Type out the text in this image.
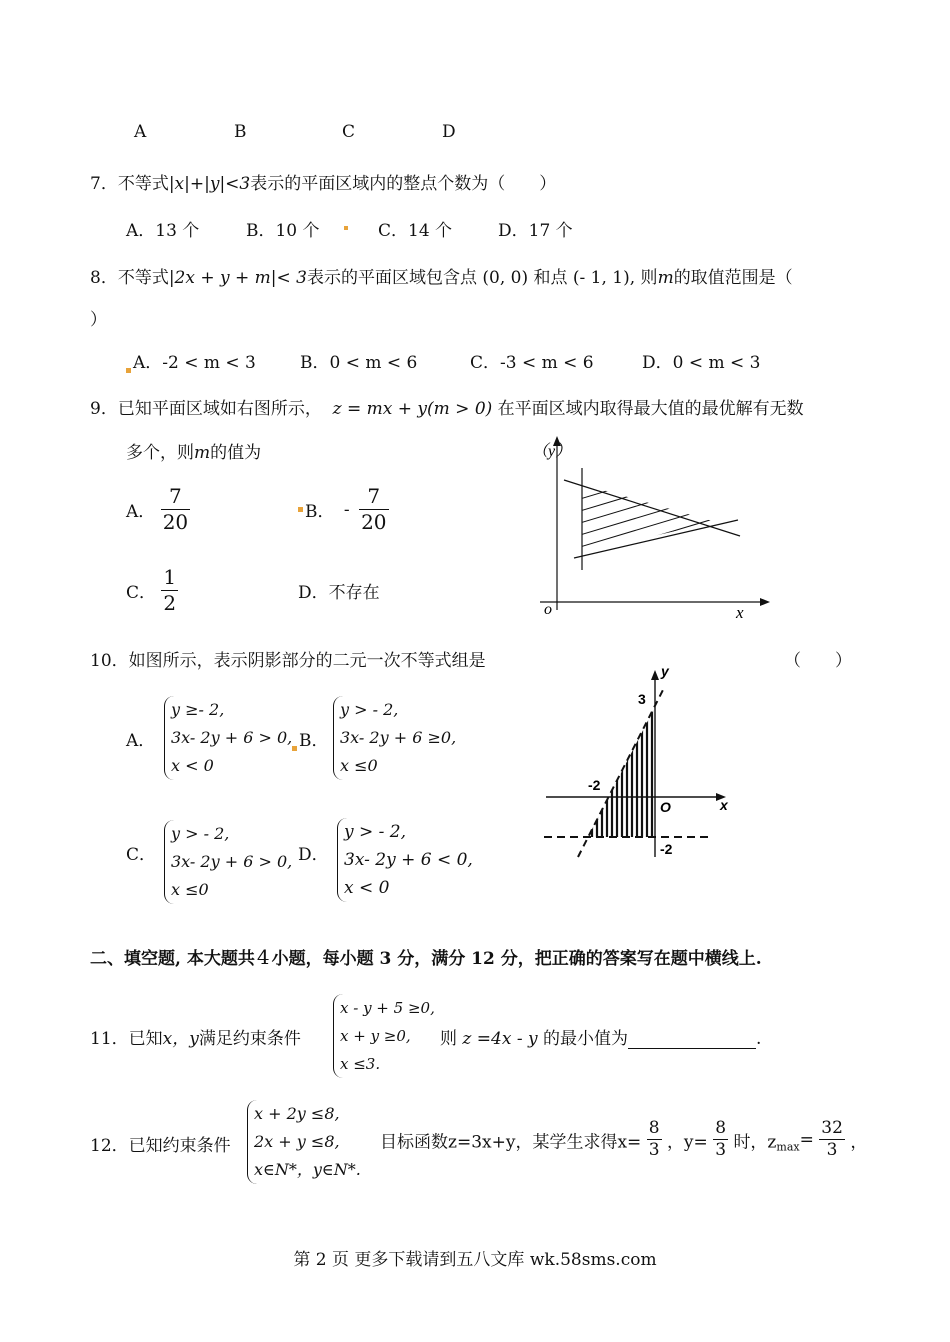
A	B	C	D
7．不等式|x|+|y|<3表示的平面区域内的整点个数为（　　）
A．13 个	B．10 个	C．14 个	D．17 个
8．不等式|2x + y + m|< 3表示的平面区域包含点 (0, 0) 和点 (- 1, 1), 则m的取值范围是（
）
A．-2 < m < 3	B．0 < m < 6	C．-3 < m < 6	D．0 < m < 3
9．已知平面区域如右图所示， z = mx + y(m > 0) 在平面区域内取得最大值的最优解有无数
多个，则m的值为
A． $\frac{7}{20}$	B． - $\frac{7}{20}$
C． $\frac{1}{2}$	D．不存在
（y）
x
o
10．如图所示，表示阴影部分的二元一次不等式组是	（　　）
A．
y ≥- 2,
3x- 2y + 6 > 0,
x < 0
B．
y > - 2,
3x- 2y + 6 ≥0,
x ≤0
C．
y > - 2,
3x- 2y + 6 > 0,
x ≤0
D．
y > - 2,
3x- 2y + 6 < 0,
x < 0
3
-2
-2
O
y
x
二、填空题, 本大题共 4 小题，每小题 3 分，满分 12 分，把正确的答案写在题中横线上.
11．已知x，y满足约束条件
x - y + 5 ≥0,
x + y ≥0,
x ≤3.
则 z =4x - y 的最小值为	.
12．已知约束条件
x + 2y ≤8,
2x + y ≤8,
x∈N*，y∈N*.
目标函数z=3x+y，某学生求得$x= \frac{8}{3}$ ，$y= \frac{8}{3}$ 时，$z_{max}= \frac{32}{3}$ ，
第 2 页 更多下载请到五八文库 wk.58sms.com
